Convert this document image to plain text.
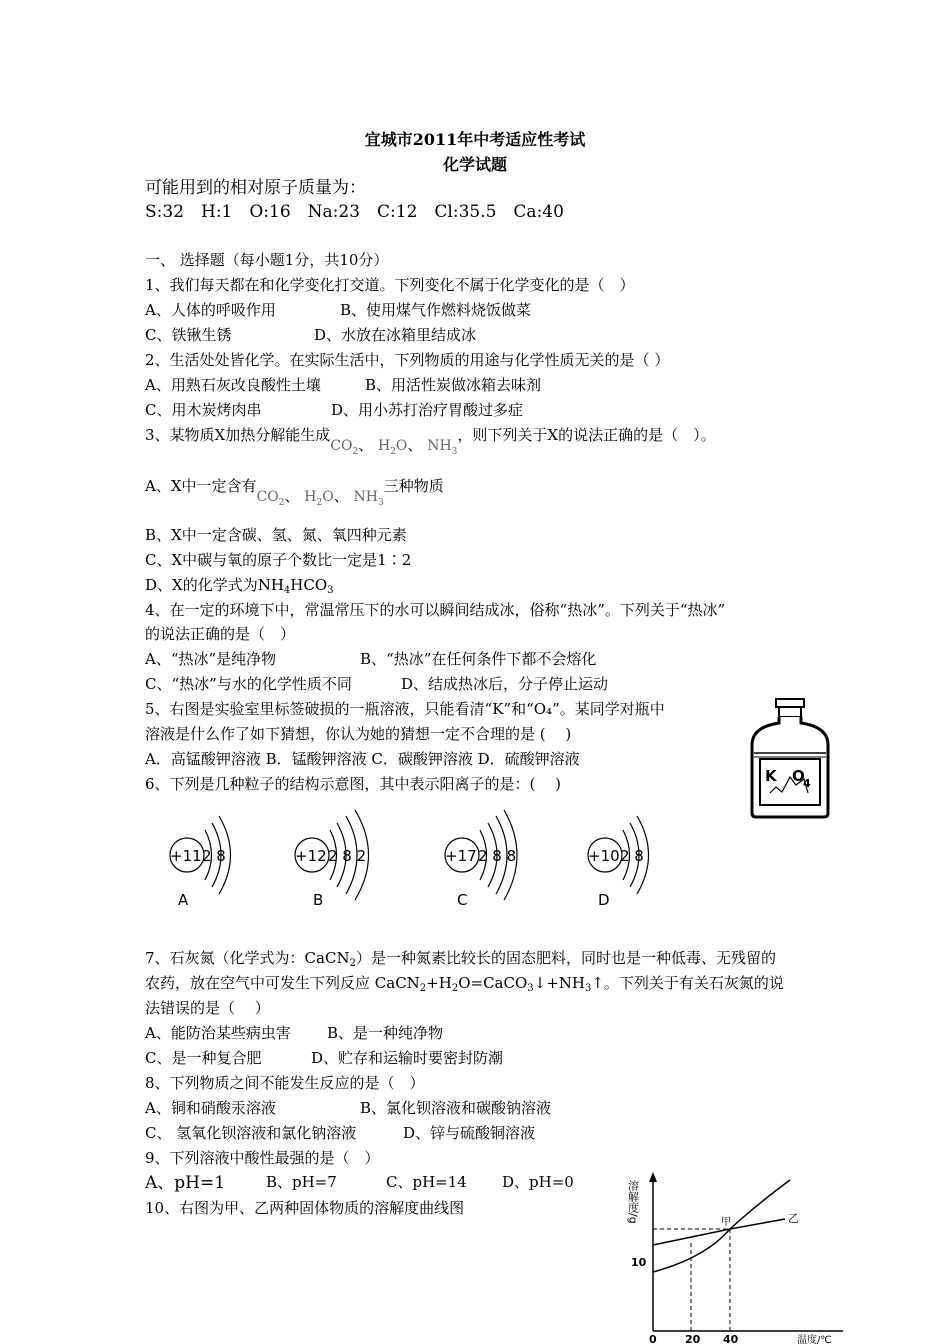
宜城市2011年中考适应性考试
化学试题
可能用到的相对原子质量为：
S:32　H:1　O:16　Na:23　C:12　Cl:35.5　Ca:40
一、 选择题（每小题1分，共10分）
1、我们每天都在和化学变化打交道。下列变化不属于化学变化的是（　）
A、人体的呼吸作用	B、使用煤气作燃料烧饭做菜
C、铁锹生锈	D、水放在冰箱里结成冰
2、生活处处皆化学。在实际生活中，下列物质的用途与化学性质无关的是（ ）
A、用熟石灰改良酸性土壤	B、用活性炭做冰箱去味剂
C、用木炭烤肉串	D、用小苏打治疗胃酸过多症
3、某物质X加热分解能生成$CO_2$、 $H_2O$、 $NH_3$，则下列关于X的说法正确的是（　）。
A、X中一定含有$CO_2$、 $H_2O$、 $NH_3$三种物质
B、X中一定含碳、氢、氮、氧四种元素
C、X中碳与氧的原子个数比一定是1∶2
D、X的化学式为$NH_4HCO_3$
4、在一定的环境下中，常温常压下的水可以瞬间结成冰，俗称“热冰”。下列关于“热冰”
的说法正确的是（　）
A、“热冰”是纯净物	B、“热冰”在任何条件下都不会熔化
C、“热冰”与水的化学性质不同	D、结成热冰后，分子停止运动
5、右图是实验室里标签破损的一瓶溶液，只能看清“K”和“O₄”。某同学对瓶中
溶液是什么作了如下猜想，你认为她的猜想一定不合理的是 (　 )
A．高锰酸钾溶液 B．锰酸钾溶液 C．碳酸钾溶液 D．硫酸钾溶液
K O
4
6、下列是几种粒子的结构示意图，其中表示阳离子的是：(　 )
+11 2 8
A
+12 2 8 2
B
+17 2 8 8
C
+10 2 8
D
7、石灰氮（化学式为：CaCN$_2$）是一种氮素比较长的固态肥料，同时也是一种低毒、无残留的
农药，放在空气中可发生下列反应 $CaCN_2+H_2O=CaCO_3↓+NH_3↑$。下列关于有关石灰氮的说
法错误的是（　 ）
A、能防治某些病虫害 B、是一种纯净物
C、是一种复合肥	D、贮存和运输时要密封防潮
8、下列物质之间不能发生反应的是（　）
A、铜和硝酸汞溶液	B、氯化钡溶液和碳酸钠溶液
C、 氢氧化钡溶液和氯化钠溶液	D、锌与硫酸铜溶液
9、下列溶液中酸性最强的是（　）
A、pH=1	B、pH=7	C、pH=14 D、pH=0
10、右图为甲、乙两种固体物质的溶解度曲线图	溶解度/g	甲	乙
10
0	20 40	温度/℃
